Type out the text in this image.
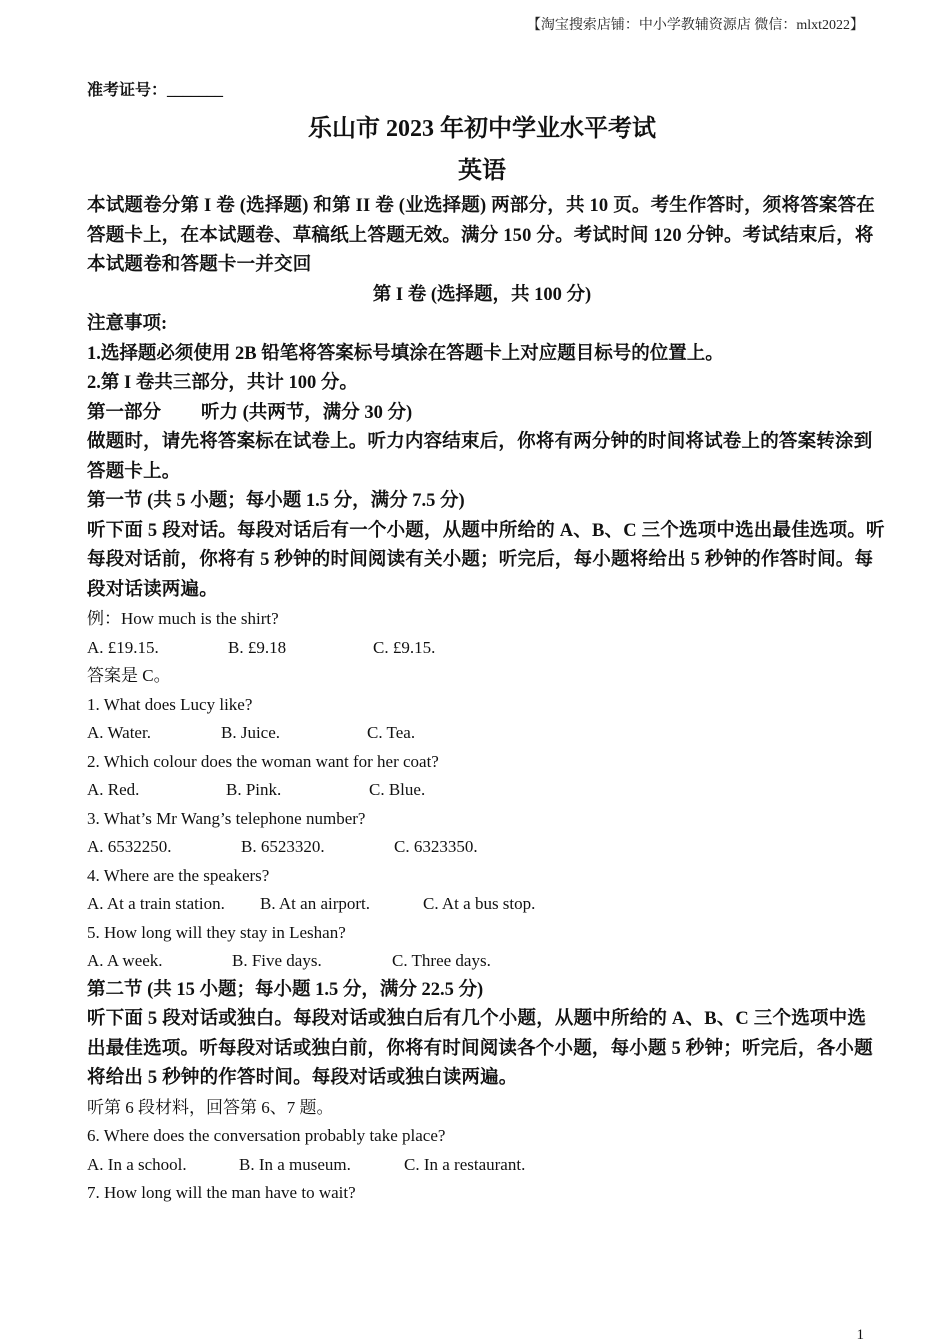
【淘宝搜索店铺：中小学教辅资源店 微信：mlxt2022】
准考证号：_______
乐山市 2023 年初中学业水平考试
英语
本试题卷分第 I 卷 (选择题) 和第 II 卷 (业选择题) 两部分，共 10 页。考生作答时，须将答案答在答题卡上，在本试题卷、草稿纸上答题无效。满分 150 分。考试时间 120 分钟。考试结束后，将本试题卷和答题卡一并交回
第 I 卷 (选择题，共 100 分)
注意事项:
1.选择题必须使用 2B 铅笔将答案标号填涂在答题卡上对应题目标号的位置上。
2.第 I 卷共三部分，共计 100 分。
第一部分 听力 (共两节，满分 30 分)
做题时，请先将答案标在试卷上。听力内容结束后，你将有两分钟的时间将试卷上的答案转涂到答题卡上。
第一节 (共 5 小题；每小题 1.5 分，满分 7.5 分)
听下面 5 段对话。每段对话后有一个小题，从题中所给的 A、B、C 三个选项中选出最佳选项。听每段对话前，你将有 5 秒钟的时间阅读有关小题；听完后，每小题将给出 5 秒钟的作答时间。每段对话读两遍。
例：How much is the shirt?
A. £19.15.	B. £9.18	C. £9.15.
答案是 C。
1. What does Lucy like?
A. Water.	B. Juice.	C. Tea.
2. Which colour does the woman want for her coat?
A. Red.	B. Pink.	C. Blue.
3. What’s Mr Wang’s telephone number?
A. 6532250.	B. 6523320.	C. 6323350.
4. Where are the speakers?
A. At a train station. B. At an airport.	C. At a bus stop.
5. How long will they stay in Leshan?
A. A week.	B. Five days.	C. Three days.
第二节 (共 15 小题；每小题 1.5 分，满分 22.5 分)
听下面 5 段对话或独白。每段对话或独白后有几个小题，从题中所给的 A、B、C 三个选项中选出最佳选项。听每段对话或独白前，你将有时间阅读各个小题，每小题 5 秒钟；听完后，各小题将给出 5 秒钟的作答时间。每段对话或独白读两遍。
听第 6 段材料，回答第 6、7 题。
6. Where does the conversation probably take place?
A. In a school.	B. In a museum.	C. In a restaurant.
7. How long will the man have to wait?
1
